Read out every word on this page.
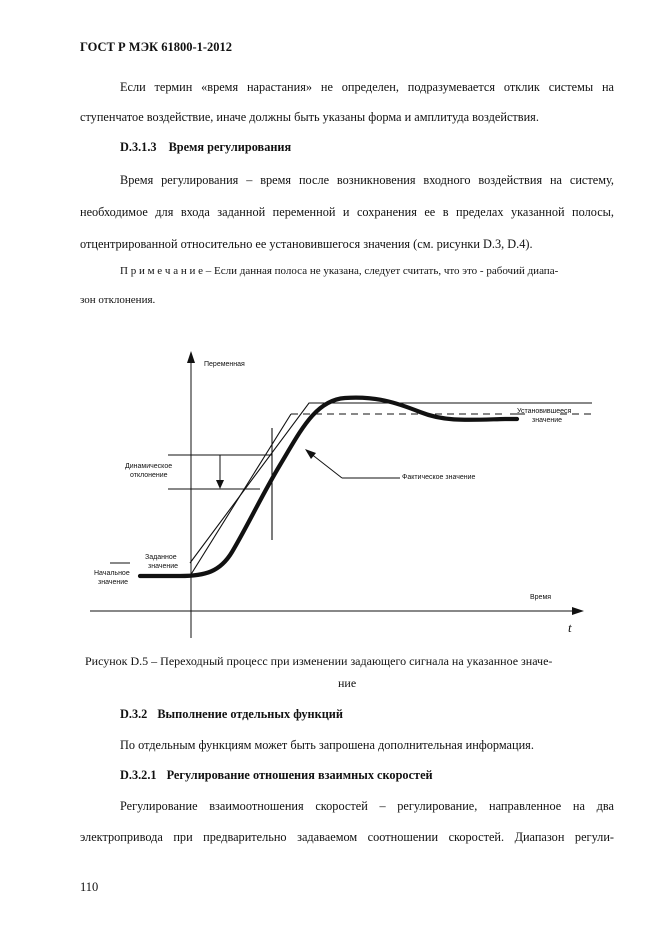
ГОСТ Р МЭК 61800-1-2012
Если термин «время нарастания» не определен, подразумевается отклик системы на
ступенчатое воздействие, иначе должны быть указаны форма и амплитуда воздействия.
D.3.1.3 Время регулирования
Время регулирования – время после возникновения входного воздействия на систему,
необходимое для входа заданной переменной и сохранения ее в пределах указанной полосы,
отцентрированной относительно ее установившегося значения (см. рисунки D.3, D.4).
П р и м е ч а н и е – Если данная полоса не указана, следует считать, что это - рабочий диапа-
зон отклонения.
Переменная
Установившееся
значение
Динамическое
отклонение	Фактическое значение
Заданное
значение
Начальное
значение
Время
t
Рисунок D.5 – Переходный процесс при изменении задающего сигнала на указанное значе-
ние
D.3.2 Выполнение отдельных функций
По отдельным функциям может быть запрошена дополнительная информация.
D.3.2.1 Регулирование отношения взаимных скоростей
Регулирование взаимоотношения скоростей – регулирование, направленное на два
электропривода при предварительно задаваемом соотношении скоростей. Диапазон регули-
110
